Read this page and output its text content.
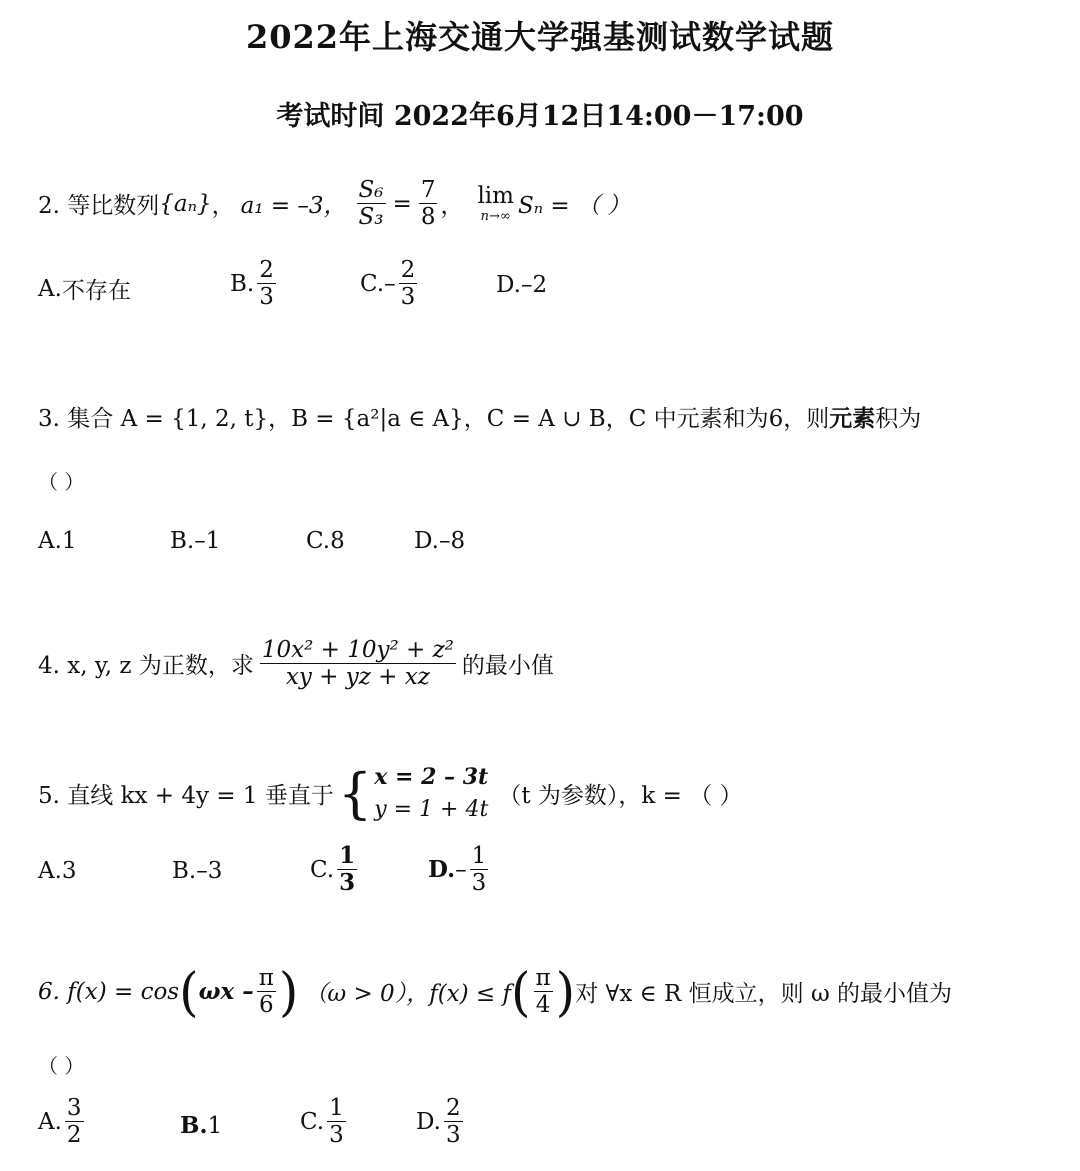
2022年上海交通大学强基测试数学试题
考试时间 2022年6月12日14:00－17:00
2. 等比数列 {aₙ} ， a₁ = –3， $\frac{\text{S₆}}{\text{S₃}} = \frac{7}{8}$ ， lim
n→∞ Sₙ = （ ）
A. 不存在	B. $\frac{2}{3}$	C. – $\frac{2}{3}$	D. –2
3. 集合 A = {1, 2, t}，B = {a²|a ∈ A}，C = A ∪ B，C 中元素和为6，则 元素 积为
（ ）
A. 1	B. –1	C. 8	D. –8
4. x, y, z 为正数，求 $\frac{\text{10x² + 10y² + z²}}{xy + yz + xz}$ 的最小值
5. 直线 kx + 4y = 1 垂直于 { x = 2 – 3t
y = 1 + 4t （t 为参数），k = （ ）
A. 3	B. –3	C. $\frac{1}{3}$	D. – $\frac{1}{3}$
6. f(x) = cos ( ωx – $\frac{\pi}{6}$ ) （ω > 0），f(x) ≤ f ( $\frac{\pi}{4}$ ) 对 ∀x ∈ R 恒成立，则 ω 的最小值为
（ ）
A. $\frac{3}{2}$	B. 1	C. $\frac{1}{3}$	D. $\frac{2}{3}$
